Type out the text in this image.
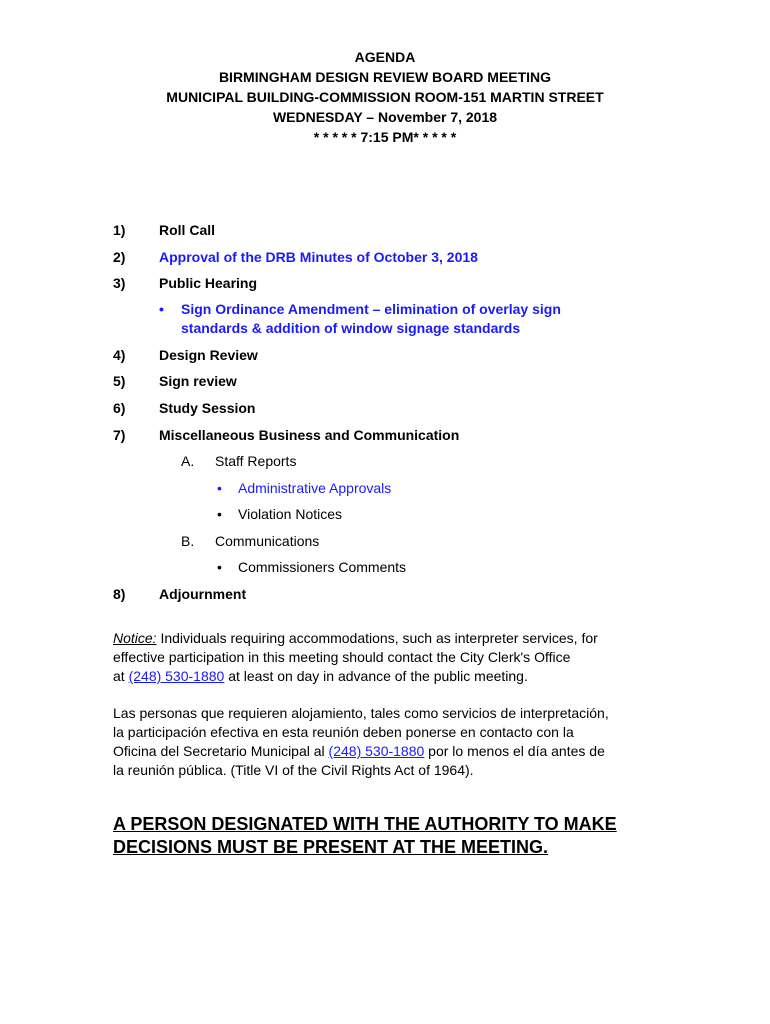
AGENDA
BIRMINGHAM DESIGN REVIEW BOARD MEETING
MUNICIPAL BUILDING-COMMISSION ROOM-151 MARTIN STREET
WEDNESDAY – November 7, 2018
* * * * * 7:15 PM* * * * *
1) Roll Call
2) Approval of the DRB Minutes of October 3, 2018
3) Public Hearing
• Sign Ordinance Amendment – elimination of overlay sign
standards & addition of window signage standards
4) Design Review
5) Sign review
6) Study Session
7) Miscellaneous Business and Communication
A. Staff Reports
• Administrative Approvals
• Violation Notices
B. Communications
• Commissioners Comments
8) Adjournment
Notice: Individuals requiring accommodations, such as interpreter services, for
effective participation in this meeting should contact the City Clerk's Office
at (248) 530-1880 at least on day in advance of the public meeting.
Las personas que requieren alojamiento, tales como servicios de interpretación,
la participación efectiva en esta reunión deben ponerse en contacto con la
Oficina del Secretario Municipal al (248) 530-1880 por lo menos el día antes de
la reunión pública. (Title VI of the Civil Rights Act of 1964).
A PERSON DESIGNATED WITH THE AUTHORITY TO MAKE
DECISIONS MUST BE PRESENT AT THE MEETING.
